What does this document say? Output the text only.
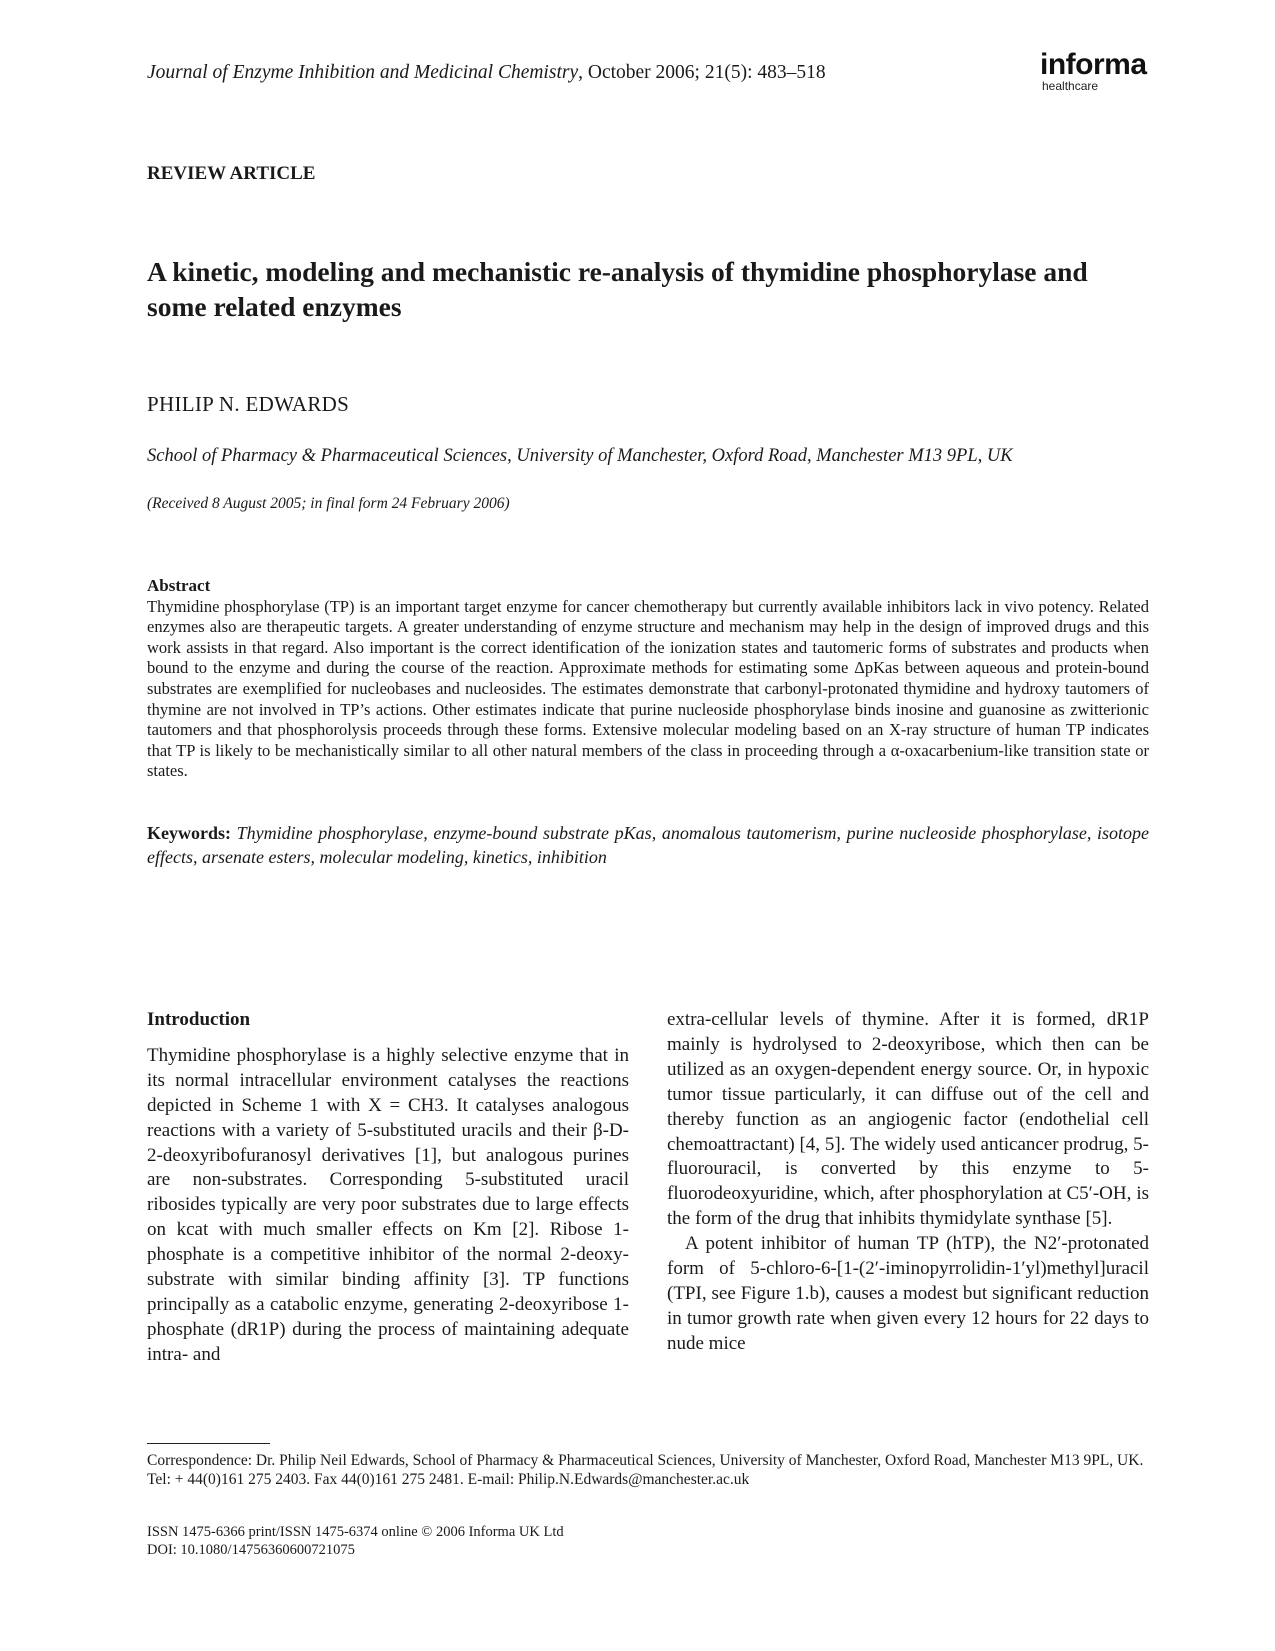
Journal of Enzyme Inhibition and Medicinal Chemistry, October 2006; 21(5): 483–518	informa
healthcare
REVIEW ARTICLE
A kinetic, modeling and mechanistic re-analysis of thymidine phosphorylase and some related enzymes
PHILIP N. EDWARDS
School of Pharmacy & Pharmaceutical Sciences, University of Manchester, Oxford Road, Manchester M13 9PL, UK
(Received 8 August 2005; in final form 24 February 2006)
Abstract
Thymidine phosphorylase (TP) is an important target enzyme for cancer chemotherapy but currently available inhibitors lack in vivo potency. Related enzymes also are therapeutic targets. A greater understanding of enzyme structure and mechanism may help in the design of improved drugs and this work assists in that regard. Also important is the correct identification of the ionization states and tautomeric forms of substrates and products when bound to the enzyme and during the course of the reaction. Approximate methods for estimating some ΔpKas between aqueous and protein-bound substrates are exemplified for nucleobases and nucleosides. The estimates demonstrate that carbonyl-protonated thymidine and hydroxy tautomers of thymine are not involved in TP’s actions. Other estimates indicate that purine nucleoside phosphorylase binds inosine and guanosine as zwitterionic tautomers and that phosphorolysis proceeds through these forms. Extensive molecular modeling based on an X-ray structure of human TP indicates that TP is likely to be mechanistically similar to all other natural members of the class in proceeding through a α-oxacarbenium-like transition state or states.
Keywords: Thymidine phosphorylase, enzyme-bound substrate pKas, anomalous tautomerism, purine nucleoside phosphorylase, isotope effects, arsenate esters, molecular modeling, kinetics, inhibition
Introduction

Thymidine phosphorylase is a highly selective enzyme that in its normal intracellular environment catalyses the reactions depicted in Scheme 1 with X = CH3. It catalyses analogous reactions with a variety of 5-substituted uracils and their β-D-2-deoxyribofuranosyl derivatives [1], but analogous purines are non-substrates. Corresponding 5-substituted uracil ribosides typically are very poor substrates due to large effects on kcat with much smaller effects on Km [2]. Ribose 1-phosphate is a competitive inhibitor of the normal 2-deoxy-substrate with similar binding affinity [3]. TP functions principally as a catabolic enzyme, generating 2-deoxyribose 1-phosphate (dR1P) during the process of maintaining adequate intra- and

extra-cellular levels of thymine. After it is formed, dR1P mainly is hydrolysed to 2-deoxyribose, which then can be utilized as an oxygen-dependent energy source. Or, in hypoxic tumor tissue particularly, it can diffuse out of the cell and thereby function as an angiogenic factor (endothelial cell chemoattractant) [4, 5]. The widely used anticancer prodrug, 5-fluorouracil, is converted by this enzyme to 5-fluorodeoxyuridine, which, after phosphorylation at C5′-OH, is the form of the drug that inhibits thymidylate synthase [5].

A potent inhibitor of human TP (hTP), the N2′-protonated form of 5-chloro-6-[1-(2′-iminopyrrolidin-1′yl)methyl]uracil (TPI, see Figure 1.b), causes a modest but significant reduction in tumor growth rate when given every 12 hours for 22 days to nude mice

Correspondence: Dr. Philip Neil Edwards, School of Pharmacy & Pharmaceutical Sciences, University of Manchester, Oxford Road, Manchester M13 9PL, UK. Tel: + 44(0)161 275 2403. Fax 44(0)161 275 2481. E-mail: Philip.N.Edwards@manchester.ac.uk
ISSN 1475-6366 print/ISSN 1475-6374 online © 2006 Informa UK Ltd
DOI: 10.1080/14756360600721075
